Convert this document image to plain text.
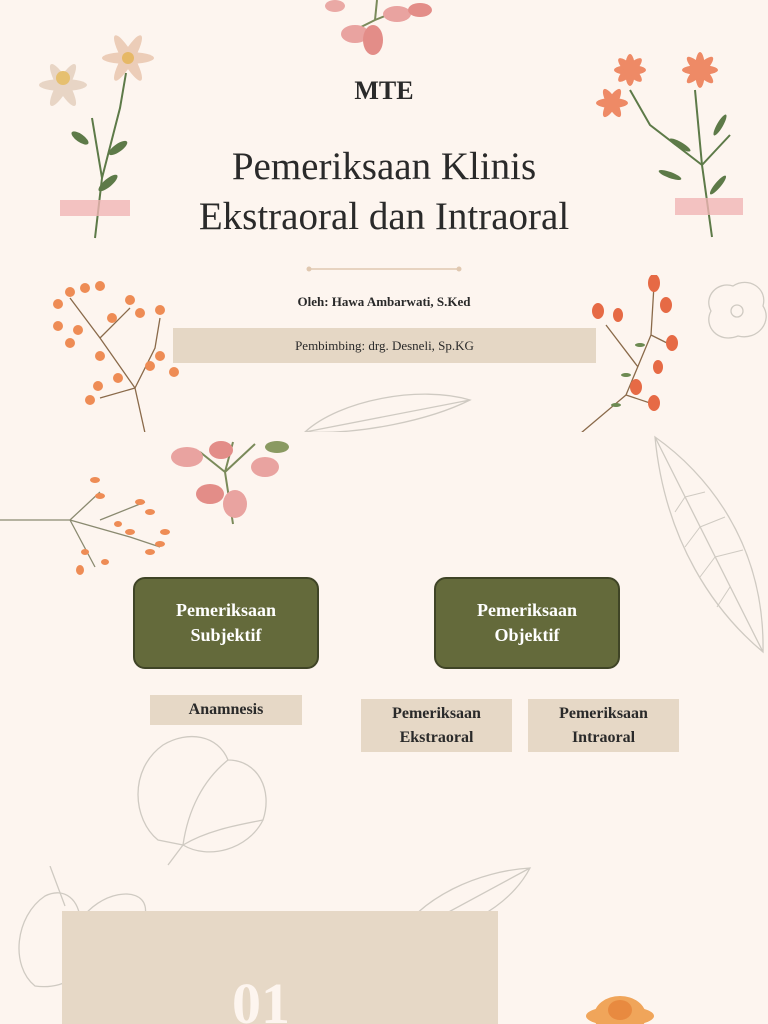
MTE
Pemeriksaan Klinis
Ekstraoral dan Intraoral
Oleh: Hawa Ambarwati, S.Ked
Pembimbing: drg. Desneli, Sp.KG
Pemeriksaan Subjektif
Pemeriksaan Objektif
Anamnesis	Pemeriksaan Ekstraoral
Pemeriksaan Intraoral
01
